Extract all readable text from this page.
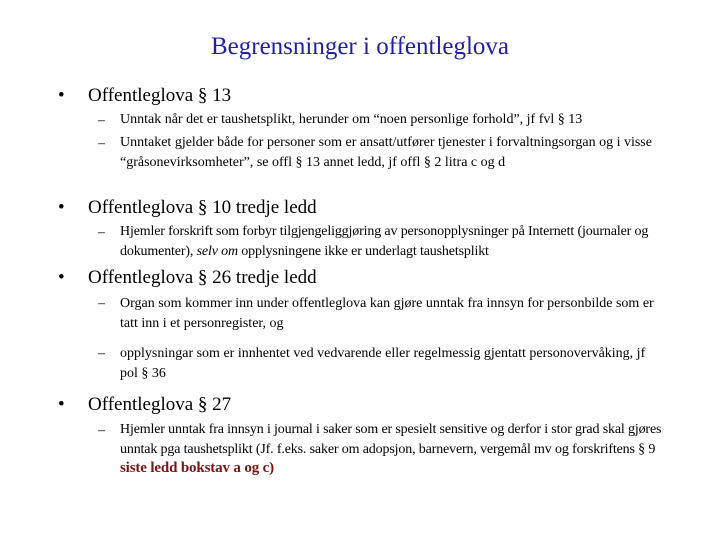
Begrensninger i offentleglova
• Offentleglova § 13
– Unntak når det er taushetsplikt, herunder om “noen personlige forhold”, jf fvl § 13
– Unntaket gjelder både for personer som er ansatt/utfører tjenester i forvaltningsorgan og i visse “gråsonevirksomheter”, se offl § 13 annet ledd, jf offl § 2 litra c og d
• Offentleglova § 10 tredje ledd
– Hjemler forskrift som forbyr tilgjengeliggjøring av personopplysninger på Internett (journaler og dokumenter), selv om opplysningene ikke er underlagt taushetsplikt
• Offentleglova § 26 tredje ledd
– Organ som kommer inn under offentleglova kan gjøre unntak fra innsyn for personbilde som er tatt inn i et personregister, og
– opplysningar som er innhentet ved vedvarende eller regelmessig gjentatt personovervåking, jf pol § 36
• Offentleglova § 27
– Hjemler unntak fra innsyn i journal i saker som er spesielt sensitive og derfor i stor grad skal gjøres unntak pga taushetsplikt (Jf. f.eks. saker om adopsjon, barnevern, vergemål mv og forskriftens § 9 siste ledd bokstav a og c)
